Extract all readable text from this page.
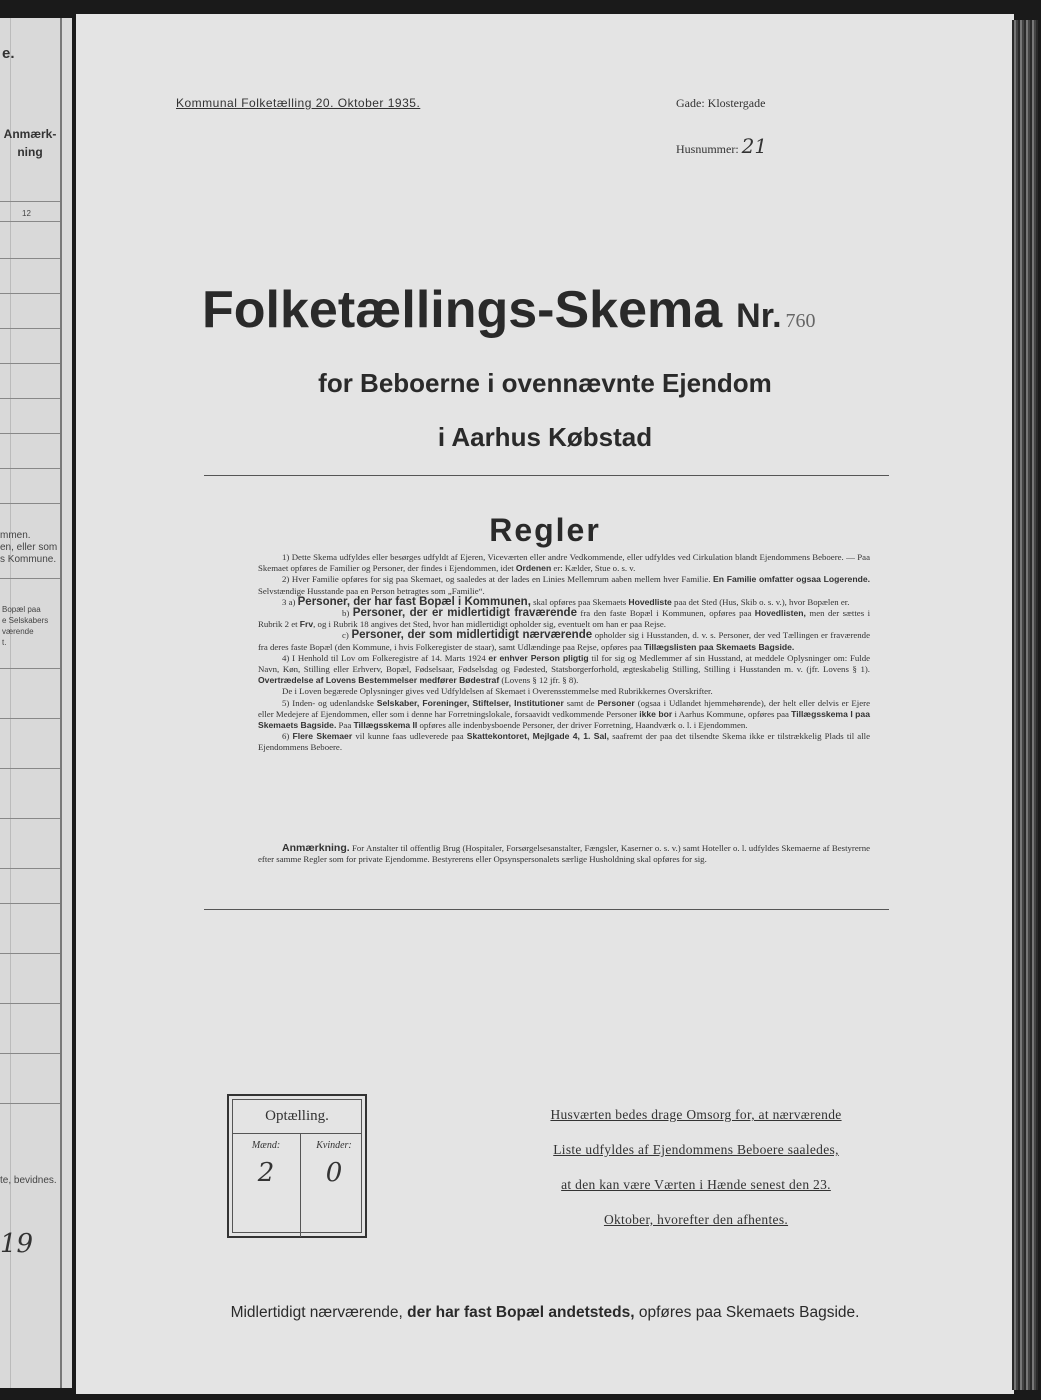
e.
Anmærk-
ning
12
mmen.
en, eller som
s Kommune.
Bopæl paa
e Selskabers
værende
t.
te, bevidnes.
19
Kommunal Folketælling 20. Oktober 1935.	Gade: Klostergade
Husnummer: 21
Folketællings-Skema Nr. 760
for Beboerne i ovennævnte Ejendom
i Aarhus Købstad
Regler

1) Dette Skema udfyldes eller besørges udfyldt af Ejeren, Viceværten eller andre Vedkommende, eller udfyldes ved Cirkulation blandt Ejendommens Beboere. — Paa Skemaet opføres de Familier og Personer, der findes i Ejendommen, idet Ordenen er: Kælder, Stue o. s. v.

2) Hver Familie opføres for sig paa Skemaet, og saaledes at der lades en Linies Mellemrum aaben mellem hver Familie. En Familie omfatter ogsaa Logerende. Selvstændige Husstande paa en Person betragtes som „Familie“.

3 a) Personer, der har fast Bopæl i Kommunen, skal opføres paa Skemaets Hovedliste paa det Sted (Hus, Skib o. s. v.), hvor Bopælen er.

b) Personer, der er midlertidigt fraværende fra den faste Bopæl i Kommunen, opføres paa Hovedlisten, men der sættes i Rubrik 2 et Frv, og i Rubrik 18 angives det Sted, hvor han midlertidigt opholder sig, eventuelt om han er paa Rejse.

c) Personer, der som midlertidigt nærværende opholder sig i Husstanden, d. v. s. Personer, der ved Tællingen er fraværende fra deres faste Bopæl (den Kommune, i hvis Folkeregister de staar), samt Udlændinge paa Rejse, opføres paa Tillægslisten paa Skemaets Bagside.

4) I Henhold til Lov om Folkeregistre af 14. Marts 1924 er enhver Person pligtig til for sig og Medlemmer af sin Husstand, at meddele Oplysninger om: Fulde Navn, Køn, Stilling eller Erhverv, Bopæl, Fødselsaar, Fødselsdag og Fødested, Statsborgerforhold, ægteskabelig Stilling, Stilling i Husstanden m. v. (jfr. Lovens § 1). Overtrædelse af Lovens Bestemmelser medfører Bødestraf (Lovens § 12 jfr. § 8).

De i Loven begærede Oplysninger gives ved Udfyldelsen af Skemaet i Overensstemmelse med Rubrikkernes Overskrifter.

5) Inden- og udenlandske Selskaber, Foreninger, Stiftelser, Institutioner samt de Personer (ogsaa i Udlandet hjemmehørende), der helt eller delvis er Ejere eller Medejere af Ejendommen, eller som i denne har Forretningslokale, forsaavidt vedkommende Personer ikke bor i Aarhus Kommune, opføres paa Tillægsskema I paa Skemaets Bagside. Paa Tillægsskema II opføres alle indenbysboende Personer, der driver Forretning, Haandværk o. l. i Ejendommen.

6) Flere Skemaer vil kunne faas udleverede paa Skattekontoret, Mejlgade 4, 1. Sal, saafremt der paa det tilsendte Skema ikke er tilstrækkelig Plads til alle Ejendommens Beboere.

Anmærkning. For Anstalter til offentlig Brug (Hospitaler, Forsørgelsesanstalter, Fængsler, Kaserner o. s. v.) samt Hoteller o. l. udfyldes Skemaerne af Bestyrerne efter samme Regler som for private Ejendomme. Bestyrerens eller Opsynspersonalets særlige Husholdning skal opføres for sig.

Optælling.
Mænd:	Kvinder:
2	0
Husværten bedes drage Omsorg for, at nærværende
Liste udfyldes af Ejendommens Beboere saaledes,
at den kan være Værten i Hænde senest den 23.
Oktober, hvorefter den afhentes.
Midlertidigt nærværende, der har fast Bopæl andetsteds, opføres paa Skemaets Bagside.
